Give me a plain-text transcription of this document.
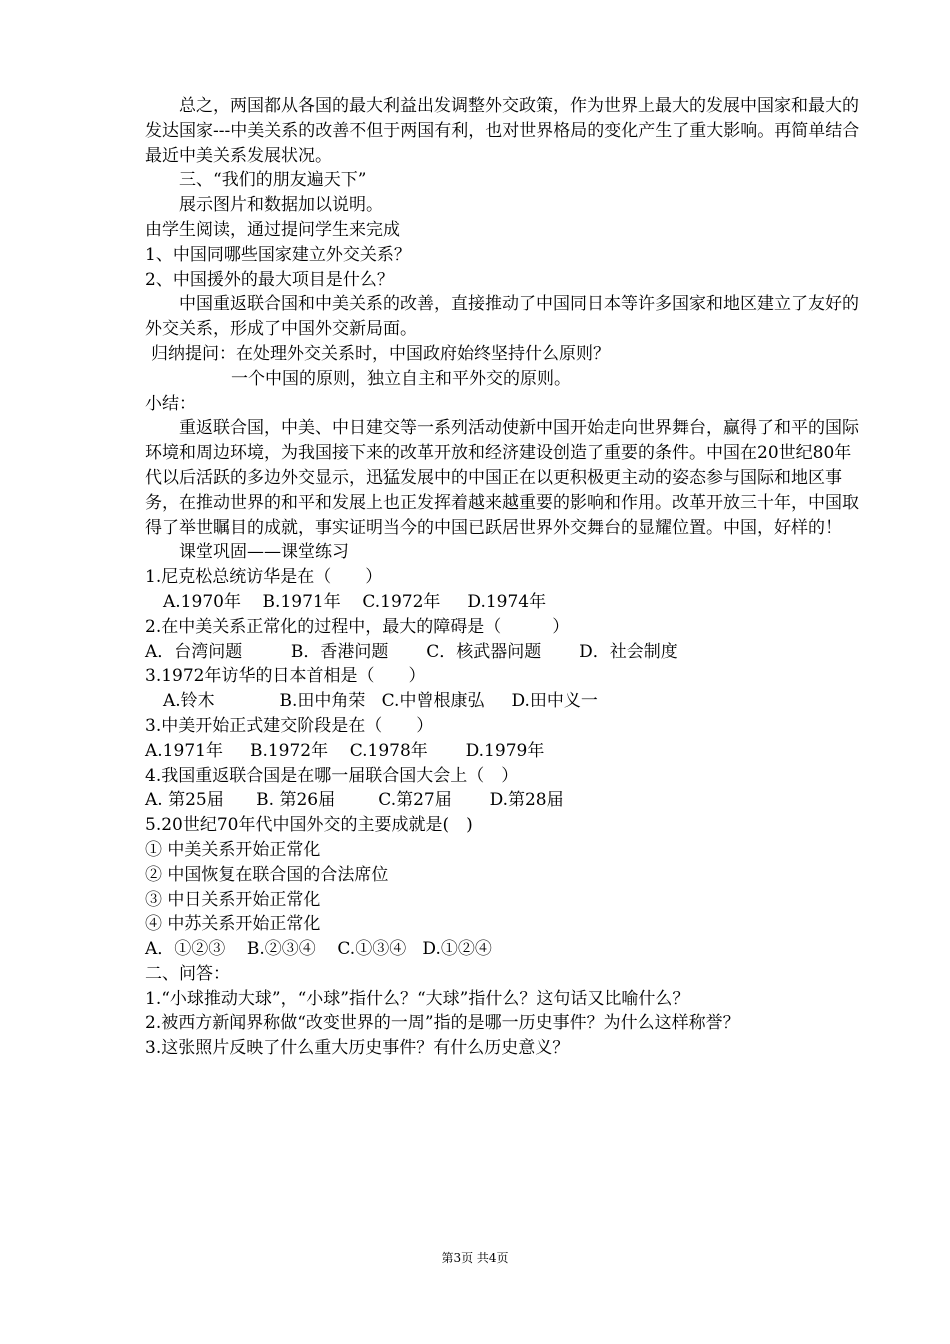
总之，两国都从各国的最大利益出发调整外交政策，作为世界上最大的发展中国家和最大的发达国家---中美关系的改善不但于两国有利，也对世界格局的变化产生了重大影响。再简单结合最近中美关系发展状况。

三、“我们的朋友遍天下”

展示图片和数据加以说明。

由学生阅读，通过提问学生来完成

1、中国同哪些国家建立外交关系？

2、中国援外的最大项目是什么？

中国重返联合国和中美关系的改善，直接推动了中国同日本等许多国家和地区建立了友好的外交关系，形成了中国外交新局面。

归纳提问：在处理外交关系时，中国政府始终坚持什么原则？

一个中国的原则，独立自主和平外交的原则。

小结：

重返联合国，中美、中日建交等一系列活动使新中国开始走向世界舞台，赢得了和平的国际环境和周边环境，为我国接下来的改革开放和经济建设创造了重要的条件。中国在20世纪80年代以后活跃的多边外交显示，迅猛发展中的中国正在以更积极更主动的姿态参与国际和地区事务，在推动世界的和平和发展上也正发挥着越来越重要的影响和作用。改革开放三十年，中国取得了举世瞩目的成就，事实证明当今的中国已跃居世界外交舞台的显耀位置。中国，好样的！

课堂巩固——课堂练习

1.尼克松总统访华是在（　　）

A.1970年    B.1971年    C.1972年     D.1974年

2.在中美关系正常化的过程中，最大的障碍是（　　　）

A．台湾问题         B．香港问题       C．核武器问题       D．社会制度

3.1972年访华的日本首相是（　　）

A.铃木            B.田中角荣   C.中曾根康弘     D.田中义一

3.中美开始正式建交阶段是在（　　）

A.1971年     B.1972年    C.1978年       D.1979年

4.我国重返联合国是在哪一届联合国大会上（　）

A. 第25届      B. 第26届        C.第27届       D.第28届

5.20世纪70年代中国外交的主要成就是(　)

① 中美关系开始正常化

② 中国恢复在联合国的合法席位

③ 中日关系开始正常化

④ 中苏关系开始正常化

A．①②③    B.②③④    C.①③④   D.①②④

二、问答：

1.“小球推动大球”，“小球”指什么？“大球”指什么？这句话又比喻什么？

2.被西方新闻界称做“改变世界的一周”指的是哪一历史事件？为什么这样称誉？

3.这张照片反映了什么重大历史事件？有什么历史意义？

第3页 共4页
